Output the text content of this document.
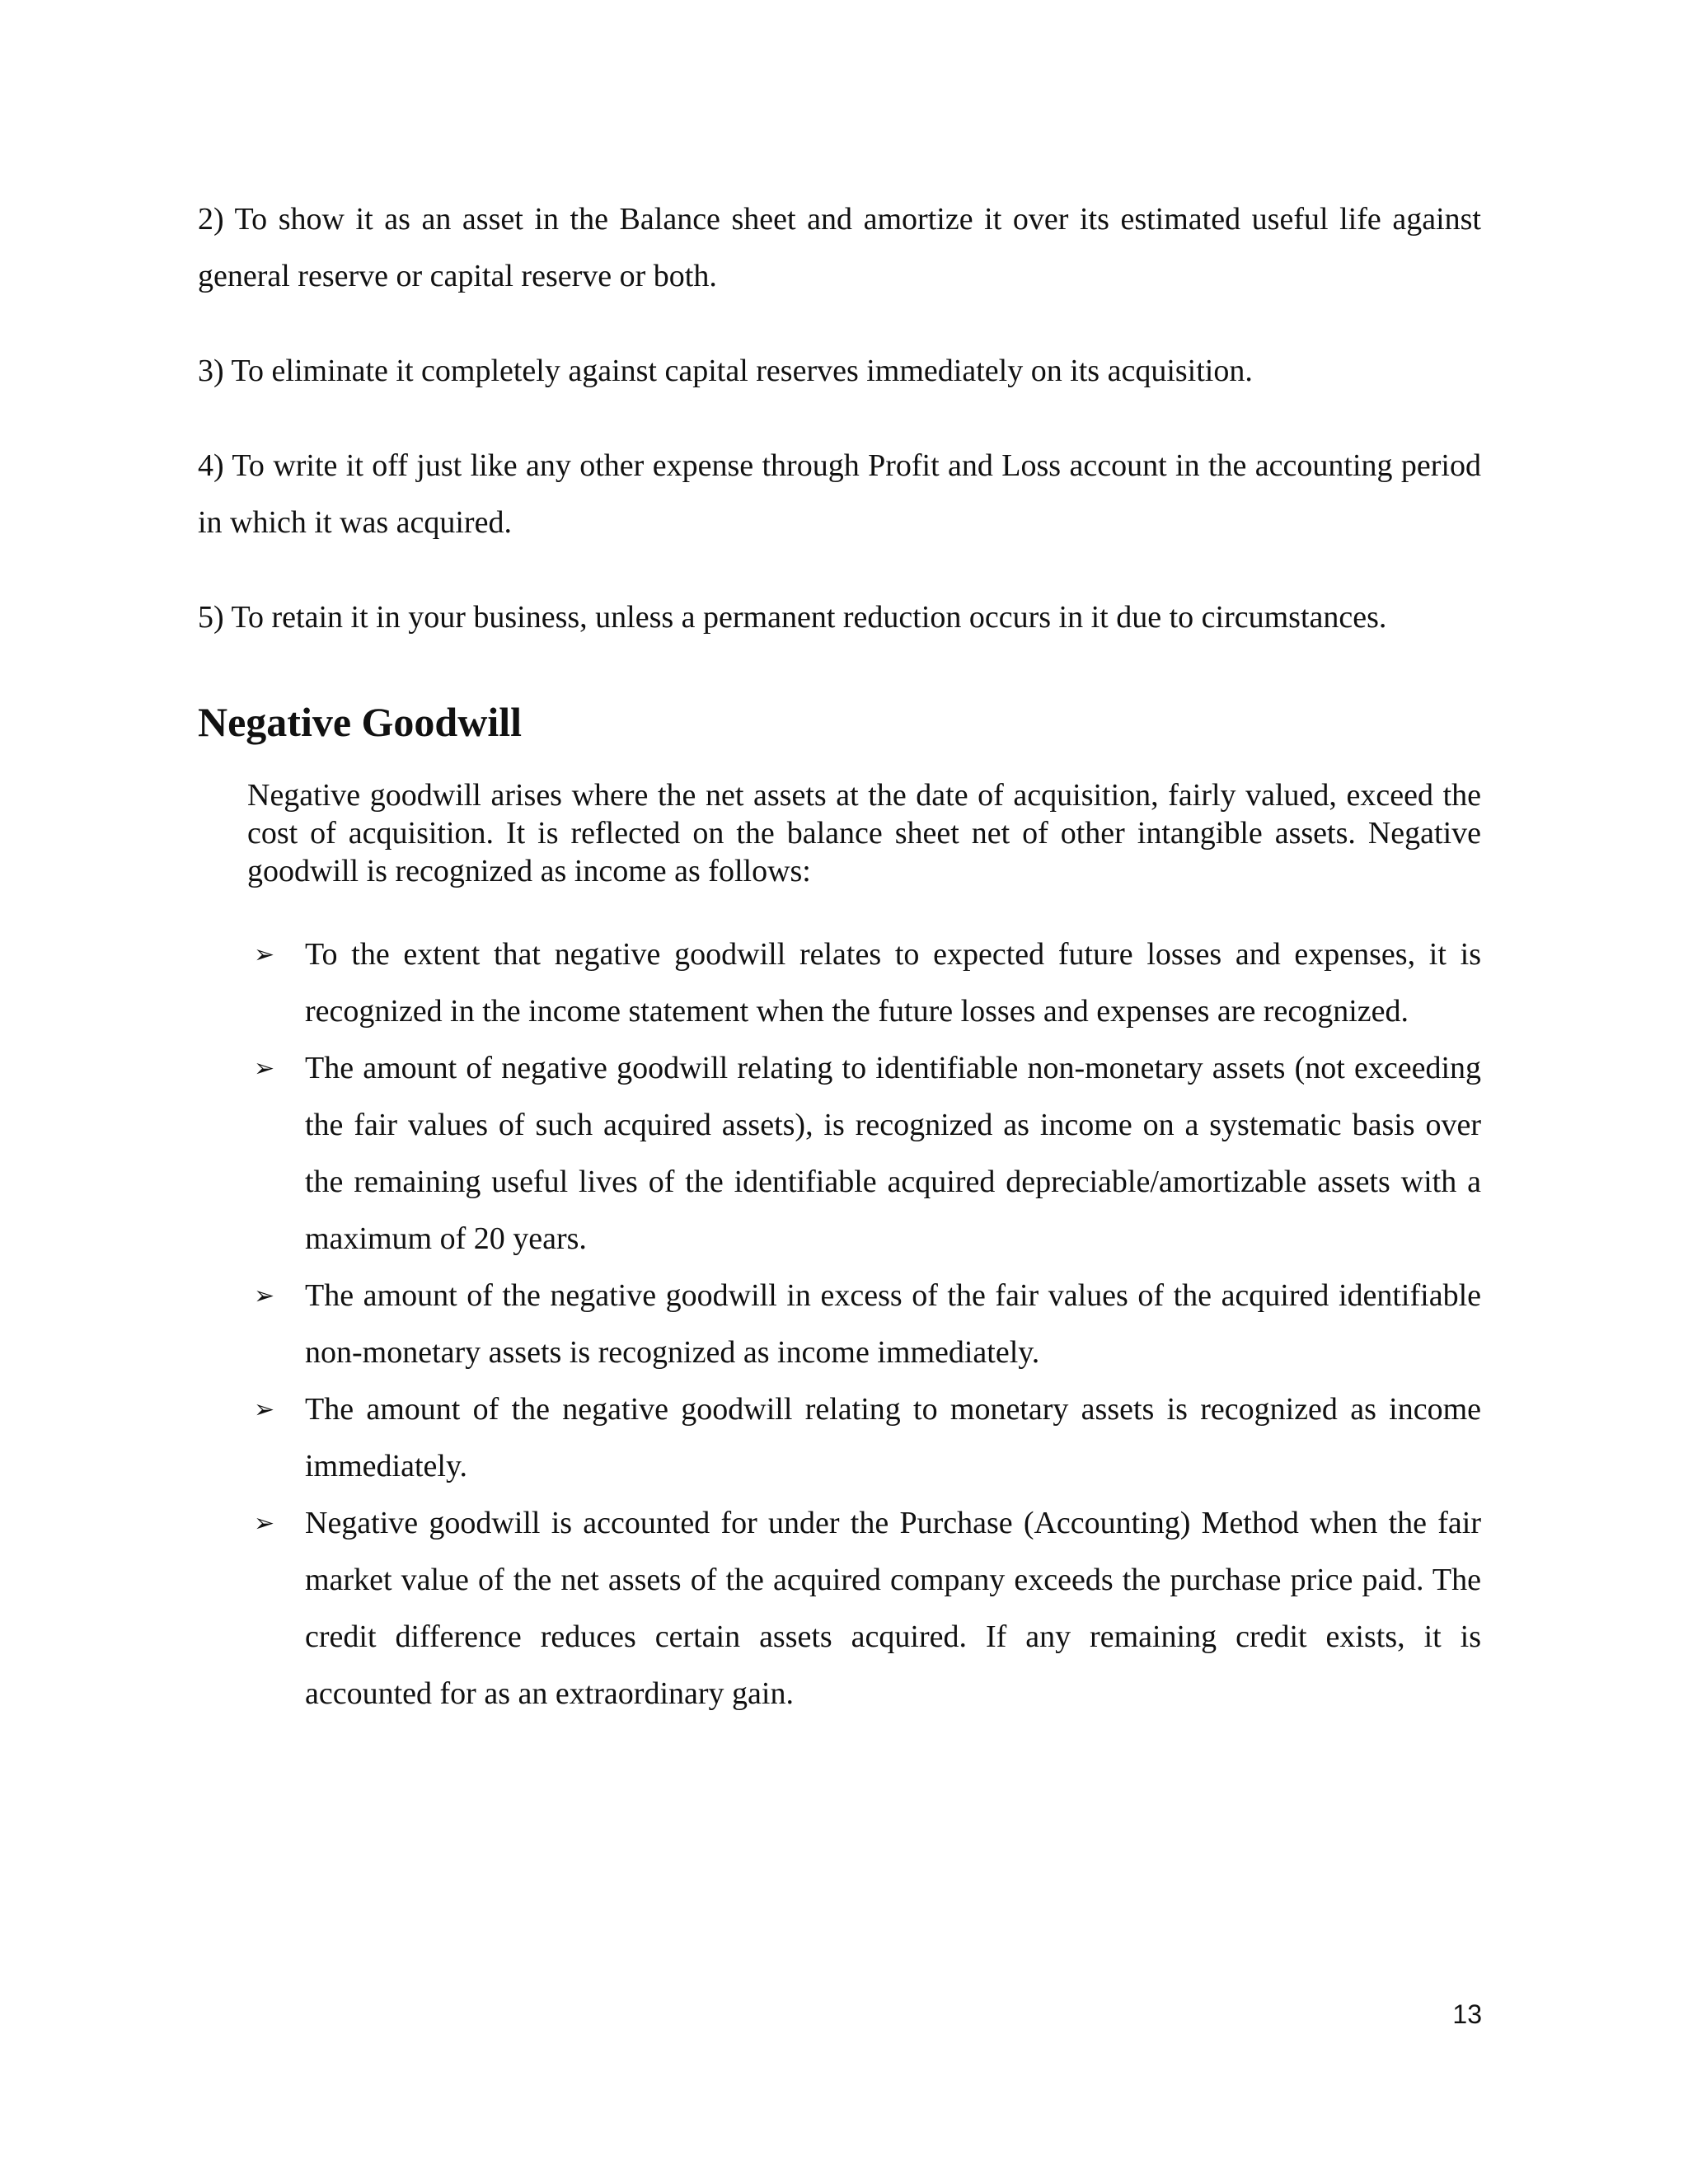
2) To show it as an asset in the Balance sheet and amortize it over its estimated useful life against general reserve or capital reserve or both.

3) To eliminate it completely against capital reserves immediately on its acquisition.

4) To write it off just like any other expense through Profit and Loss account in the accounting period in which it was acquired.

5) To retain it in your business, unless a permanent reduction occurs in it due to circumstances.

Negative Goodwill

Negative goodwill arises where the net assets at the date of acquisition, fairly valued, exceed the cost of acquisition. It is reflected on the balance sheet net of other intangible assets. Negative goodwill is recognized as income as follows:

➢ To the extent that negative goodwill relates to expected future losses and expenses, it is recognized in the income statement when the future losses and expenses are recognized.
➢ The amount of negative goodwill relating to identifiable non-monetary assets (not exceeding the fair values of such acquired assets), is recognized as income on a systematic basis over the remaining useful lives of the identifiable acquired depreciable/amortizable assets with a maximum of 20 years.
➢ The amount of the negative goodwill in excess of the fair values of the acquired identifiable non-monetary assets is recognized as income immediately.
➢ The amount of the negative goodwill relating to monetary assets is recognized as income immediately.
➢ Negative goodwill is accounted for under the Purchase (Accounting) Method when the fair market value of the net assets of the acquired company exceeds the purchase price paid. The credit difference reduces certain assets acquired. If any remaining credit exists, it is accounted for as an extraordinary gain.
13
